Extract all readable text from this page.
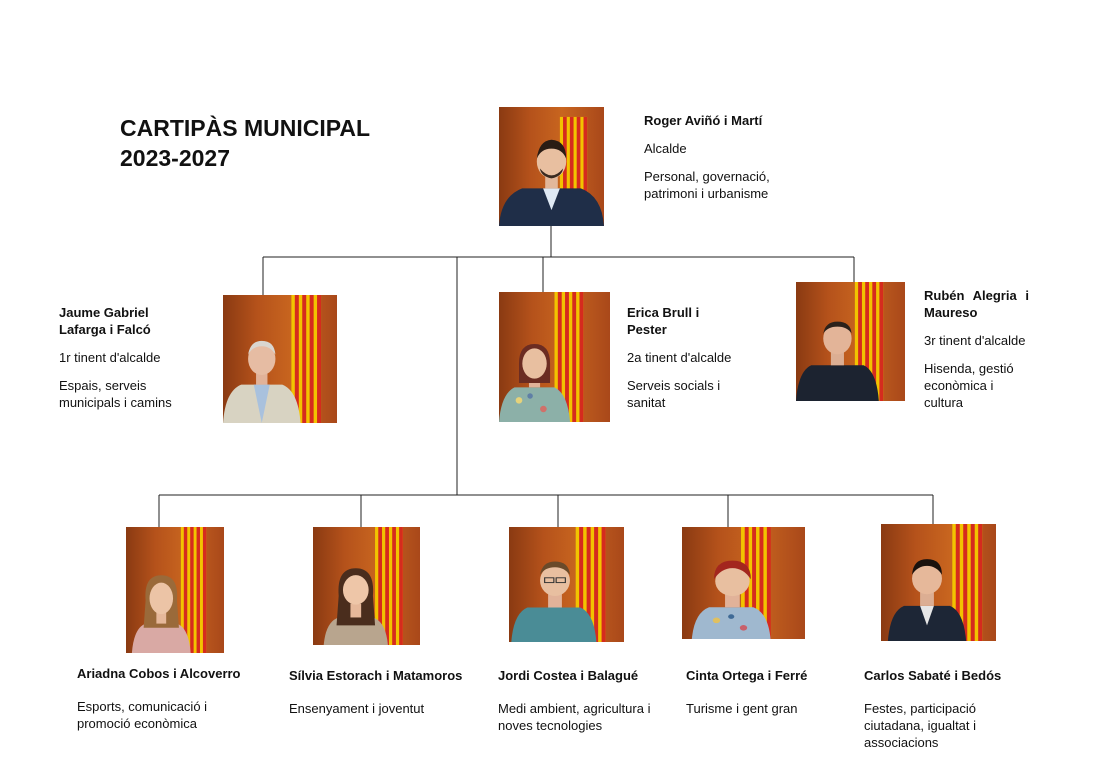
CARTIPÀS MUNICIPAL
2023-2027
Roger Aviñó i Martí
Alcalde
Personal, governació, patrimoni i urbanisme
Jaume Gabriel Lafarga i Falcó
1r tinent d'alcalde
Espais, serveis municipals i camins
Erica Brull i Pester
2a tinent d'alcalde
Serveis socials i sanitat
Rubén Alegria i Maureso
3r tinent d'alcalde
Hisenda, gestió econòmica i cultura
Ariadna Cobos i Alcoverro
Esports, comunicació i promoció econòmica
Sílvia Estorach i Matamoros
Ensenyament i joventut
Jordi Costea i Balagué
Medi ambient, agricultura i noves tecnologies
Cinta Ortega i Ferré
Turisme i gent gran
Carlos Sabaté i Bedós
Festes, participació ciutadana, igualtat i associacions
